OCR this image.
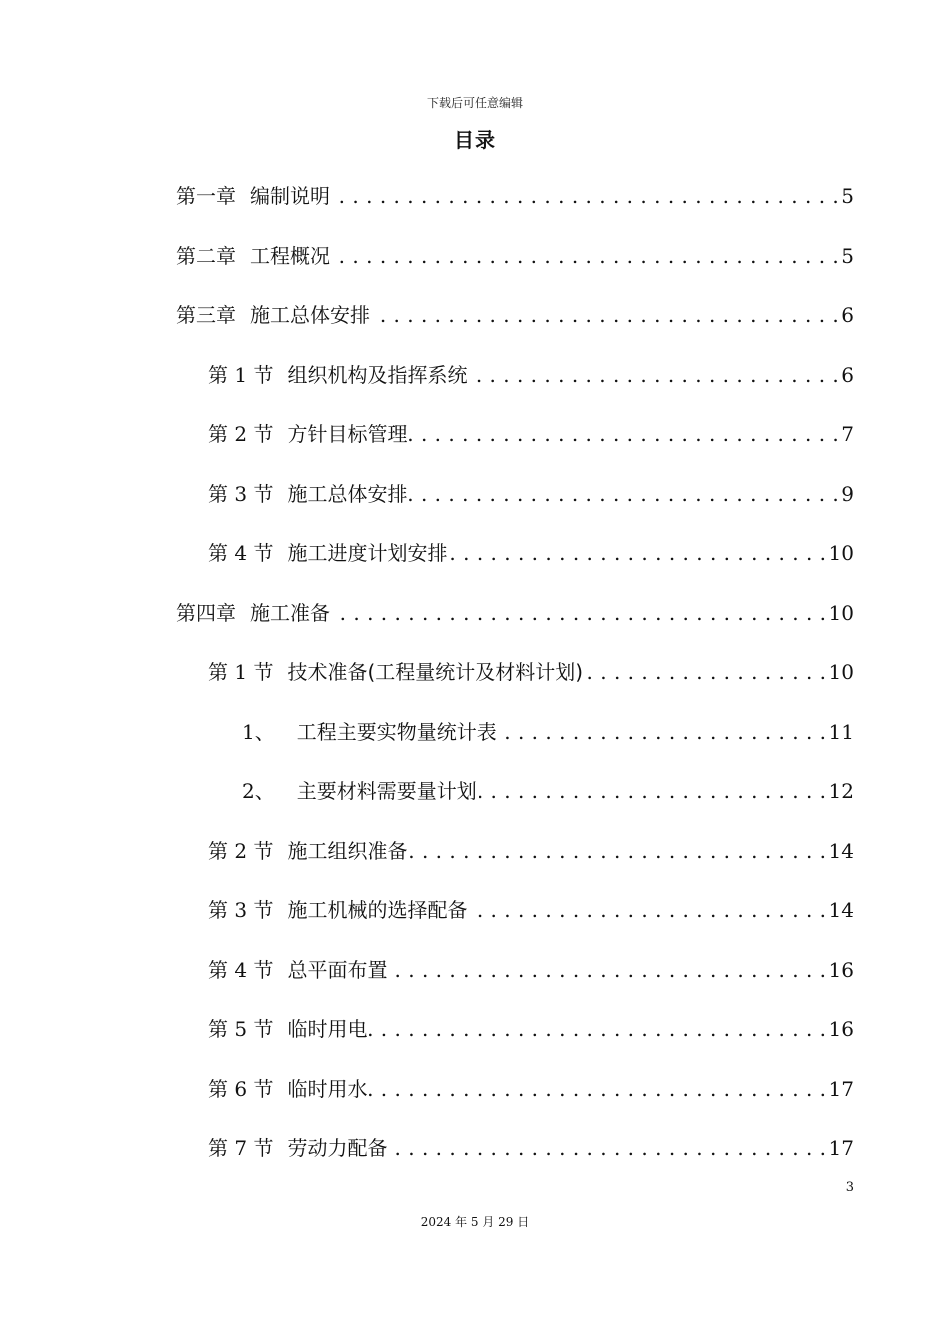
下载后可任意编辑
目录
第一章 编制说明 . . .	5
第二章 工程概况 . . .	5
第三章 施工总体安排 . . .	6
第 1 节 组织机构及指挥系统 . . .	6
第 2 节 方针目标管理 . . .	7
第 3 节 施工总体安排 . . .	9
第 4 节 施工进度计划安排 . . .	10
第四章 施工准备 . . .	10
第 1 节 技术准备(工程量统计及材料计划) . . .	10
1、 工程主要实物量统计表 . . .	11
2、 主要材料需要量计划 . . .	12
第 2 节 施工组织准备 . . .	14
第 3 节 施工机械的选择配备 . . .	14
第 4 节 总平面布置 . . .	16
第 5 节 临时用电 . . .	16
第 6 节 临时用水 . . .	17
第 7 节 劳动力配备 . . .	17
3
2024 年 5 月 29 日
